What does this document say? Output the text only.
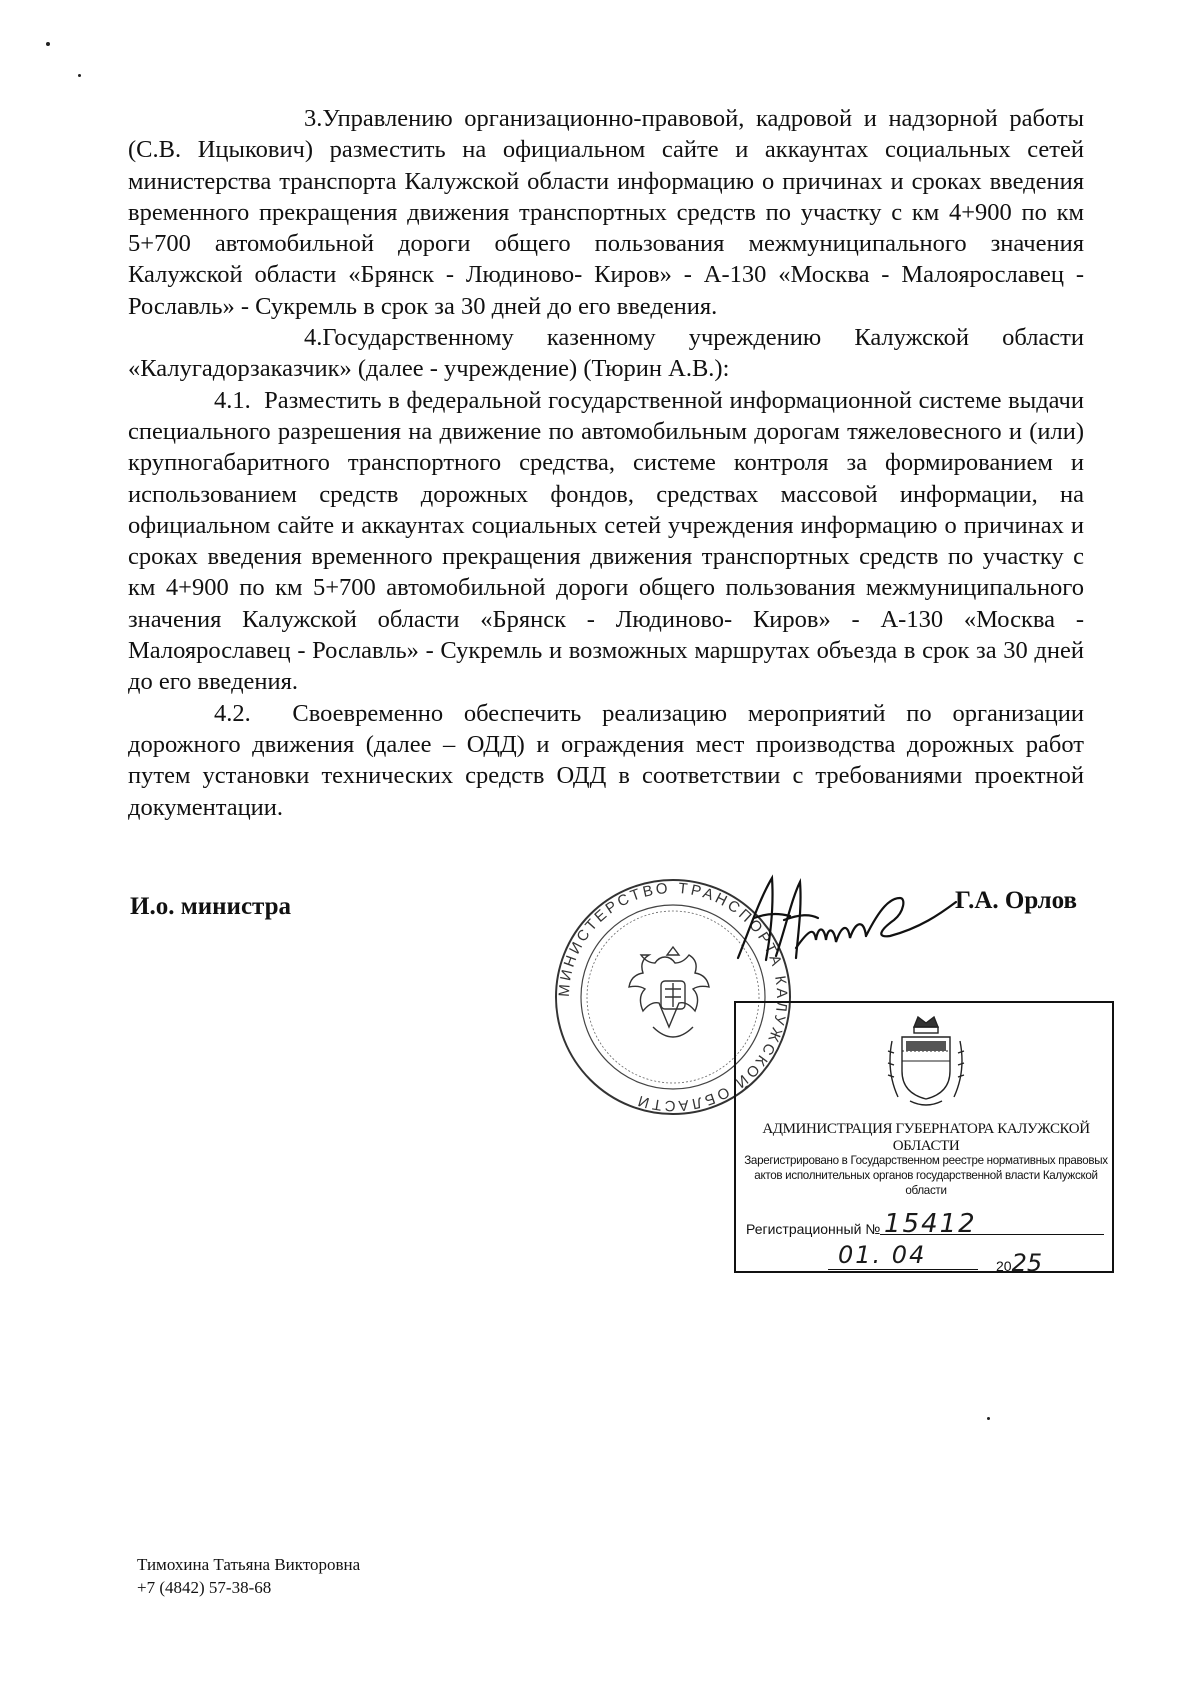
3.Управлению организационно-правовой, кадровой и надзорной работы (С.В. Ицыкович) разместить на официальном сайте и аккаунтах социальных сетей министерства транспорта Калужской области информацию о причинах и сроках введения временного прекращения движения транспортных средств по участку с км 4+900 по км 5+700 автомобильной дороги общего пользования межмуниципального значения Калужской области «Брянск - Людиново- Киров» - А-130 «Москва - Малоярославец - Рославль» - Сукремль в срок за 30 дней до его введения.

4.Государственному казенному учреждению Калужской области «Калугадорзаказчик» (далее - учреждение) (Тюрин А.В.):

4.1. Разместить в федеральной государственной информационной системе выдачи специального разрешения на движение по автомобильным дорогам тяжеловесного и (или) крупногабаритного транспортного средства, системе контроля за формированием и использованием средств дорожных фондов, средствах массовой информации, на официальном сайте и аккаунтах социальных сетей учреждения информацию о причинах и сроках введения временного прекращения движения транспортных средств по участку с км 4+900 по км 5+700 автомобильной дороги общего пользования межмуниципального значения Калужской области «Брянск - Людиново- Киров» - А-130 «Москва - Малоярославец - Рославль» - Сукремль и возможных маршрутах объезда в срок за 30 дней до его введения.

4.2. Своевременно обеспечить реализацию мероприятий по организации дорожного движения (далее – ОДД) и ограждения мест производства дорожных работ путем установки технических средств ОДД в соответствии с требованиями проектной документации.

И.о. министра
МИНИСТЕРСТВО ТРАНСПОРТА КАЛУЖСКОЙ ОБЛАСТИ
Г.А. Орлов
АДМИНИСТРАЦИЯ ГУБЕРНАТОРА КАЛУЖСКОЙ ОБЛАСТИ
Зарегистрировано в Государственном реестре нормативных правовых актов исполнительных органов государственной власти Калужской области
Регистрационный № 15412
01. 04	2025
Тимохина Татьяна Викторовна
+7 (4842) 57-38-68
